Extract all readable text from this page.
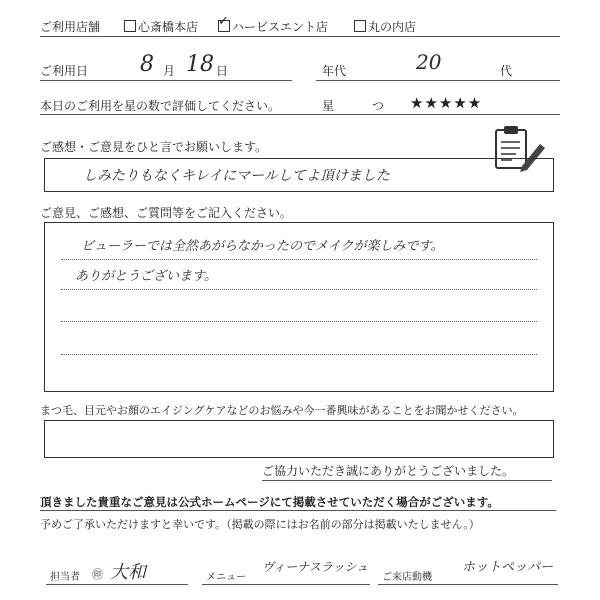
ご利用店舗	心斎橋本店
✓	ハービスエント店	丸の内店
ご利用日 8 月 18 日	年代	20	代
本日のご利用を星の数で評価してください。	星	つ ★★★★★
ご感想・ご意見をひと言でお願いします。
しみたりもなくキレイにマールしてよ頂けました
ご意見、ご感想、ご質問等をご記入ください。
ビューラーでは全然あがらなかったのでメイクが楽しみです。
ありがとうございます。
まつ毛、目元やお顔のエイジングケアなどのお悩みや今一番興味があることをお聞かせください。
ご協力いただき誠にありがとうございました。
頂きました貴重なご意見は公式ホームページにて掲載させていただく場合がございます。
予めご了承いただけますと幸いです。（掲載の際にはお名前の部分は掲載いたしません。）
担当者 ㊞ 大和	メニュー
ヴィーナスラッシュ
ご来店動機
ホットペッパー
